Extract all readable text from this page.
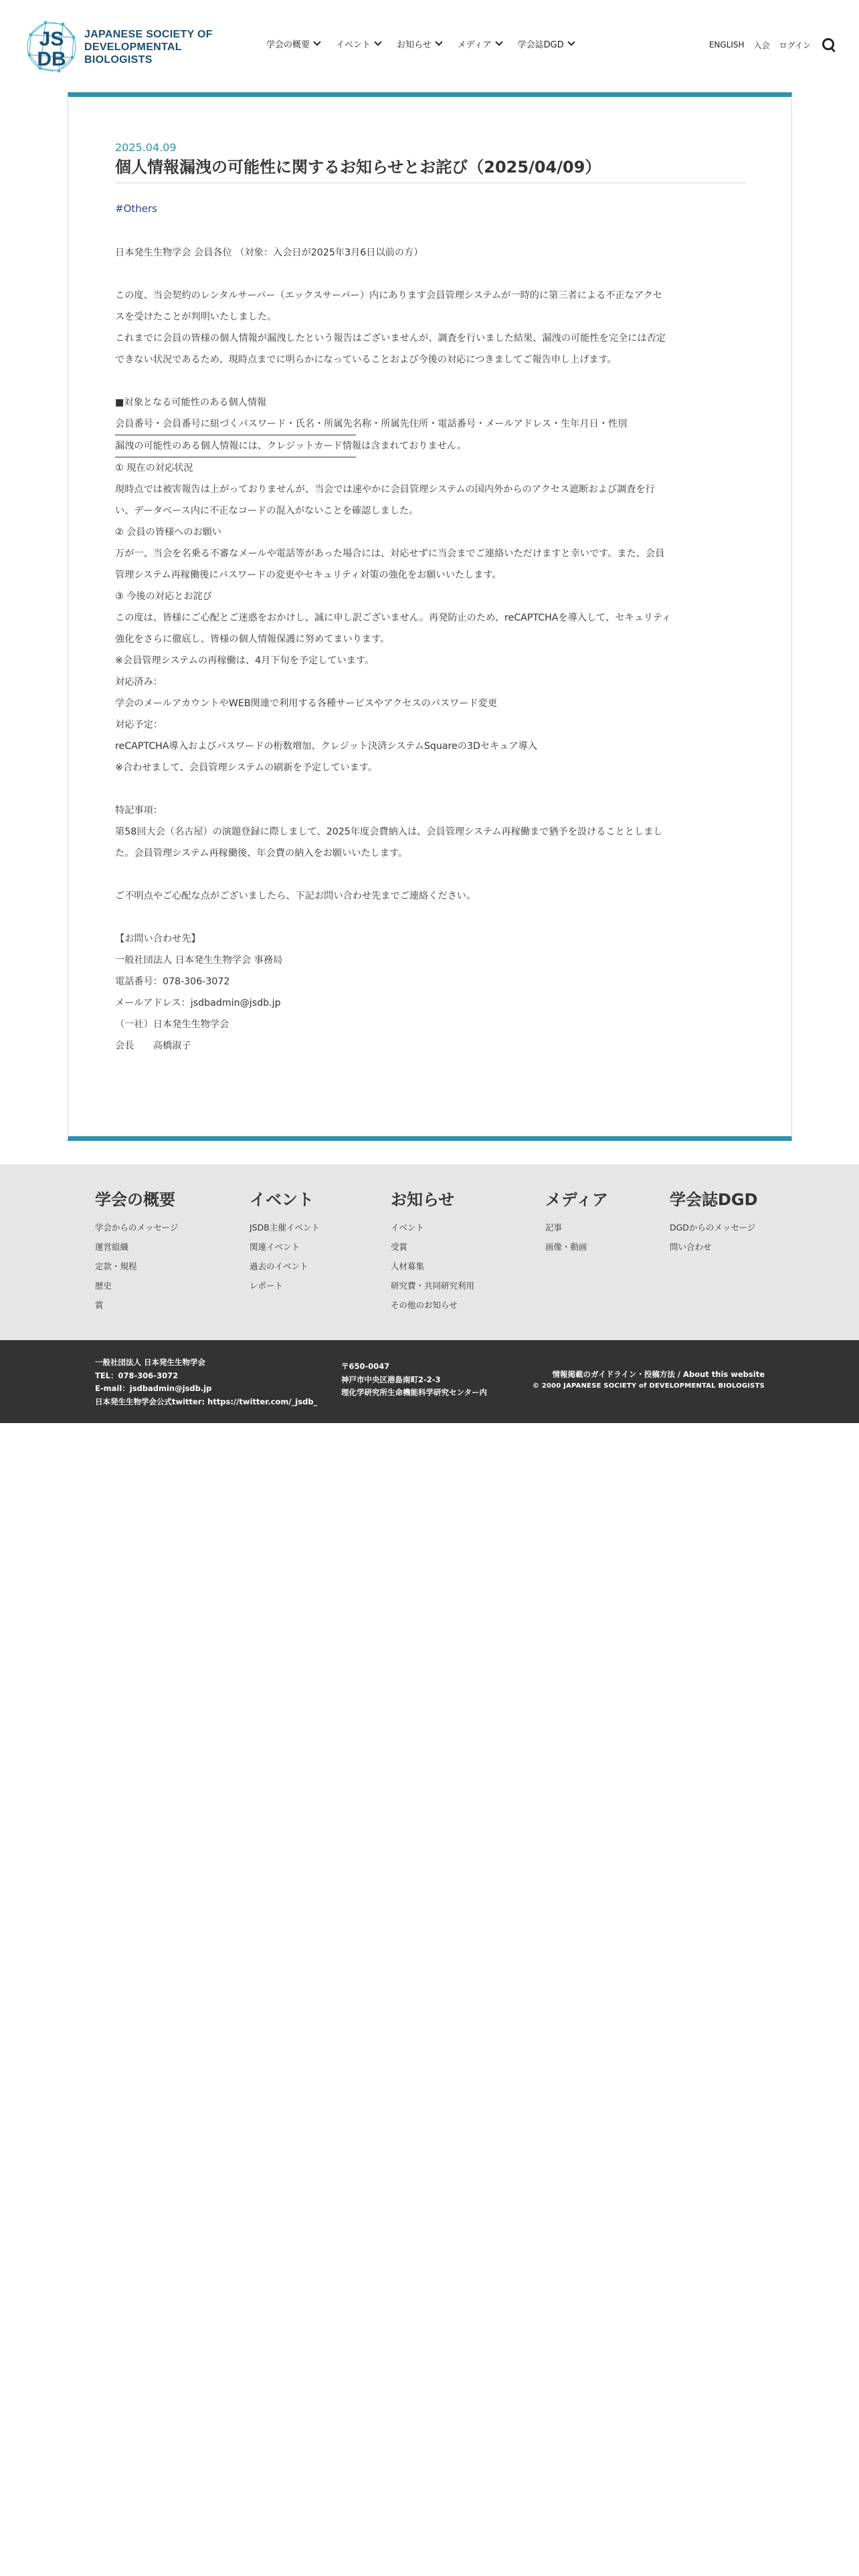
JS
DB
JAPANESE SOCIETY OF
DEVELOPMENTAL
BIOLOGISTS
学会の概要	イベント	お知らせ	メディア	学会誌DGD	ENGLISH 入会 ログイン
2025.04.09
個人情報漏洩の可能性に関するお知らせとお詫び（2025/04/09）
#Others
日本発生生物学会 会員各位 （対象：入会日が2025年3月6日以前の方）
この度、当会契約のレンタルサーバー（エックスサーバー）内にあります会員管理システムが一時的に第三者による不正なアクセ
スを受けたことが判明いたしました。
これまでに会員の皆様の個人情報が漏洩したという報告はございませんが、調査を行いました結果、漏洩の可能性を完全には否定
できない状況であるため、現時点までに明らかになっていることおよび今後の対応につきましてご報告申し上げます。
■対象となる可能性のある個人情報
会員番号・会員番号に紐づくパスワード・氏名・所属先名称・所属先住所・電話番号・メールアドレス・生年月日・性別
漏洩の可能性のある個人情報には、クレジットカード情報は含まれておりません。
① 現在の対応状況
現時点では被害報告は上がっておりませんが、当会では速やかに会員管理システムの国内外からのアクセス遮断および調査を行
い、データベース内に不正なコードの混入がないことを確認しました。
② 会員の皆様へのお願い
万が一、当会を名乗る不審なメールや電話等があった場合には、対応せずに当会までご連絡いただけますと幸いです。また、会員
管理システム再稼働後にパスワードの変更やセキュリティ対策の強化をお願いいたします。
③ 今後の対応とお詫び
この度は、皆様にご心配とご迷惑をおかけし、誠に申し訳ございません。再発防止のため、reCAPTCHAを導入して、セキュリティ
強化をさらに徹底し、皆様の個人情報保護に努めてまいります。
※会員管理システムの再稼働は、4月下旬を予定しています。
対応済み：
学会のメールアカウントやWEB関連で利用する各種サービスやアクセスのパスワード変更
対応予定：
reCAPTCHA導入およびパスワードの桁数増加、クレジット決済システムSquareの3Dセキュア導入
※合わせまして、会員管理システムの刷新を予定しています。
特記事項：
第58回大会（名古屋）の演題登録に際しまして、2025年度会費納入は、会員管理システム再稼働まで猶予を設けることとしまし
た。会員管理システム再稼働後、年会費の納入をお願いいたします。
ご不明点やご心配な点がございましたら、下記お問い合わせ先までご連絡ください。
【お問い合わせ先】
一般社団法人 日本発生生物学会 事務局
電話番号：078-306-3072
メールアドレス：jsdbadmin@jsdb.jp
（一社）日本発生生物学会
会長　　高橋淑子
学会の概要
学会からのメッセージ
運営組織
定款・規程
歴史
賞
イベント
JSDB主催イベント
関連イベント
過去のイベント
レポート
お知らせ
イベント
受賞
人材募集
研究費・共同研究利用
その他のお知らせ
メディア
記事
画像・動画
学会誌DGD
DGDからのメッセージ
問い合わせ
一般社団法人 日本発生生物学会
TEL：078-306-3072
E-mail：jsdbadmin@jsdb.jp
日本発生生物学会公式twitter: https://twitter.com/_jsdb_
〒650-0047
神戸市中央区港島南町2-2-3
理化学研究所生命機能科学研究センター内
情報掲載のガイドライン・投稿方法 / About this website
© 2000 JAPANESE SOCIETY of DEVELOPMENTAL BIOLOGISTS
